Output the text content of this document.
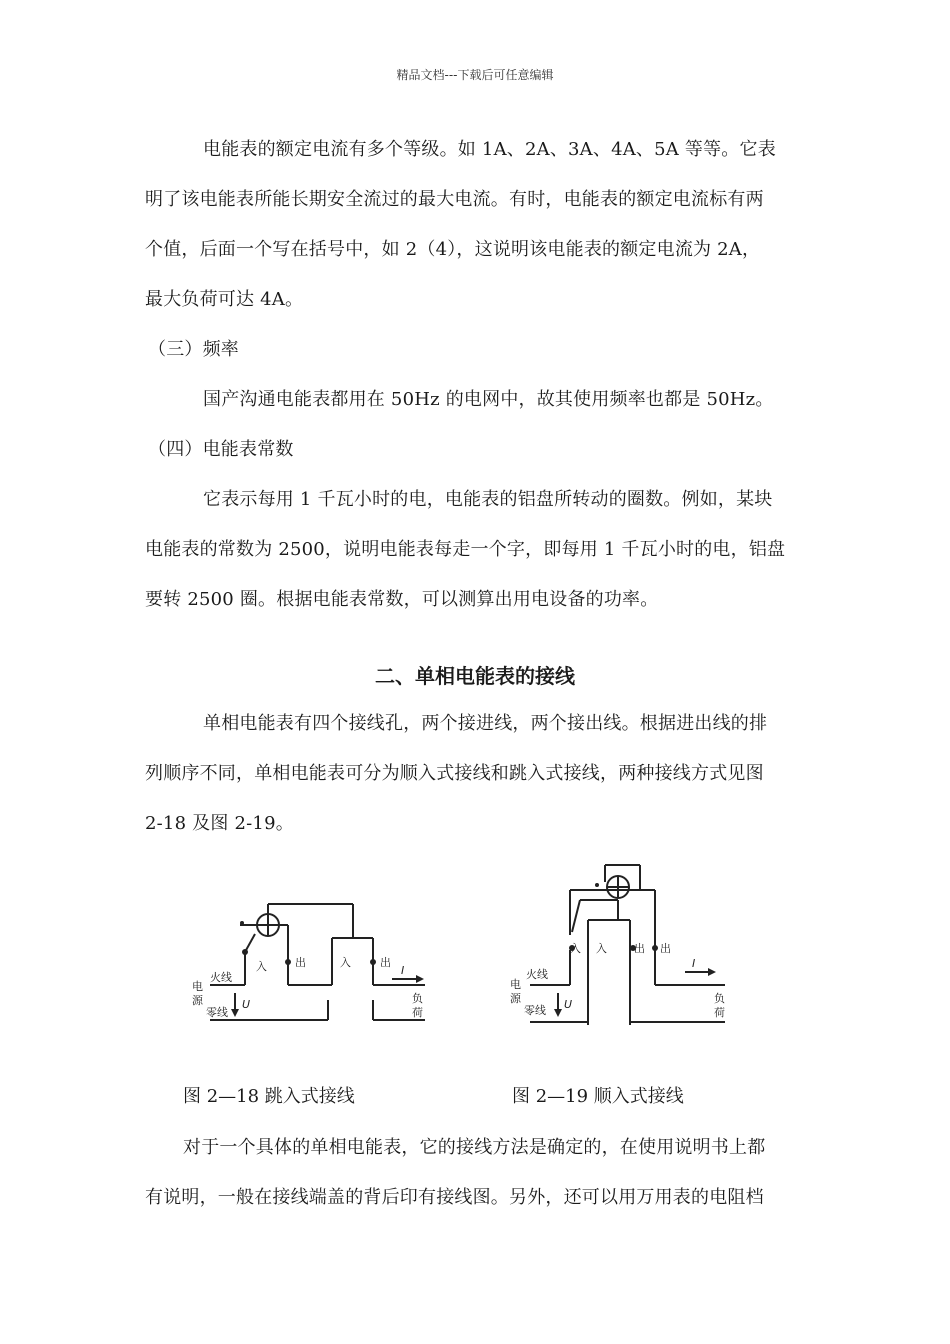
精品文档---下载后可任意编辑
电能表的额定电流有多个等级。如 1A、2A、3A、4A、5A 等等。它表
明了该电能表所能长期安全流过的最大电流。有时，电能表的额定电流标有两
个值，后面一个写在括号中，如 2（4），这说明该电能表的额定电流为 2A，
最大负荷可达 4A。
（三）频率
国产沟通电能表都用在 50Hz 的电网中，故其使用频率也都是 50Hz。
（四）电能表常数
它表示每用 1 千瓦小时的电，电能表的铝盘所转动的圈数。例如，某块
电能表的常数为 2500，说明电能表每走一个字，即每用 1 千瓦小时的电，铝盘
要转 2500 圈。根据电能表常数，可以测算出用电设备的功率。
二、单相电能表的接线
单相电能表有四个接线孔，两个接进线，两个接出线。根据进出线的排
列顺序不同，单相电能表可分为顺入式接线和跳入式接线，两种接线方式见图
2-18 及图 2-19。
入	出	入	出
电
源
火线
零线
U
I
负
荷
入 入 出 出
电
源
火线
零线 U
I
负
荷
图 2—18 跳入式接线	图 2—19 顺入式接线
对于一个具体的单相电能表，它的接线方法是确定的，在使用说明书上都
有说明，一般在接线端盖的背后印有接线图。另外，还可以用万用表的电阻档
